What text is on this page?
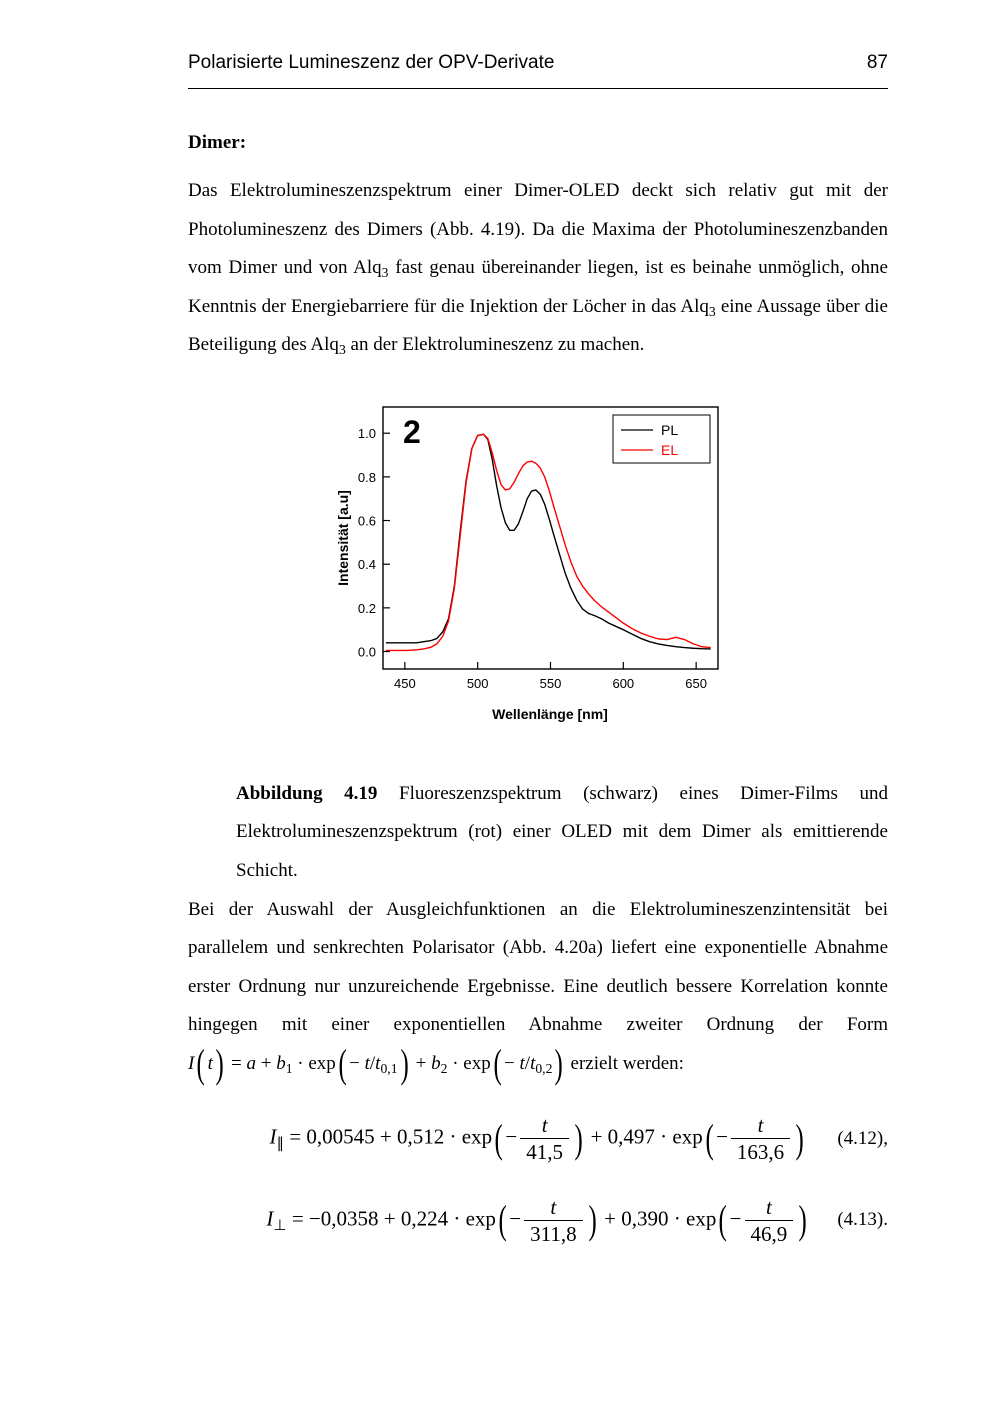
Polarisierte Lumineszenz der OPV-Derivate	87
Dimer:

Das Elektrolumineszenzspektrum einer Dimer-OLED deckt sich relativ gut mit der Photolumineszenz des Dimers (Abb. 4.19). Da die Maxima der Photolumineszenzbanden vom Dimer und von Alq$_3$ fast genau übereinander liegen, ist es beinahe unmöglich, ohne Kenntnis der Energiebarriere für die Injektion der Löcher in das Alq$_3$ eine Aussage über die Beteiligung des Alq$_3$ an der Elektrolumineszenz zu machen.

450	500	550	600	650
0.0
0.2
0.4
0.6
0.8
1.0	PL
EL
2
Wellenlänge [nm]
Intensität [a.u]
Abbildung 4.19 Fluoreszenzspektrum (schwarz) eines Dimer-Films und Elektrolumineszenzspektrum (rot) einer OLED mit dem Dimer als emittierende Schicht.

Bei der Auswahl der Ausgleichfunktionen an die Elektrolumineszenzintensität bei parallelem und senkrechten Polarisator (Abb. 4.20a) liefert eine exponentielle Abnahme erster Ordnung nur unzureichende Ergebnisse. Eine deutlich bessere Korrelation konnte hingegen mit einer exponentiellen Abnahme zweiter Ordnung der Form I( $t) = a + b_1 \cdot \exp( - t/t_{0,1}) + b_2 \cdot \exp( - t/t_{0,2})$ erzielt werden:

$I_\parallel = 0,00545 + 0,512 \cdot \exp( - \frac{t}{41,5}$ ) + $0,497 \cdot \exp( - \frac{t}{163,6}$ )	(4.12),
$I_\perp = -0,0358 + 0,224 \cdot \exp( - \frac{t}{311,8}$ ) + $0,390 \cdot \exp( - \frac{t}{46,9}$ )	(4.13).
